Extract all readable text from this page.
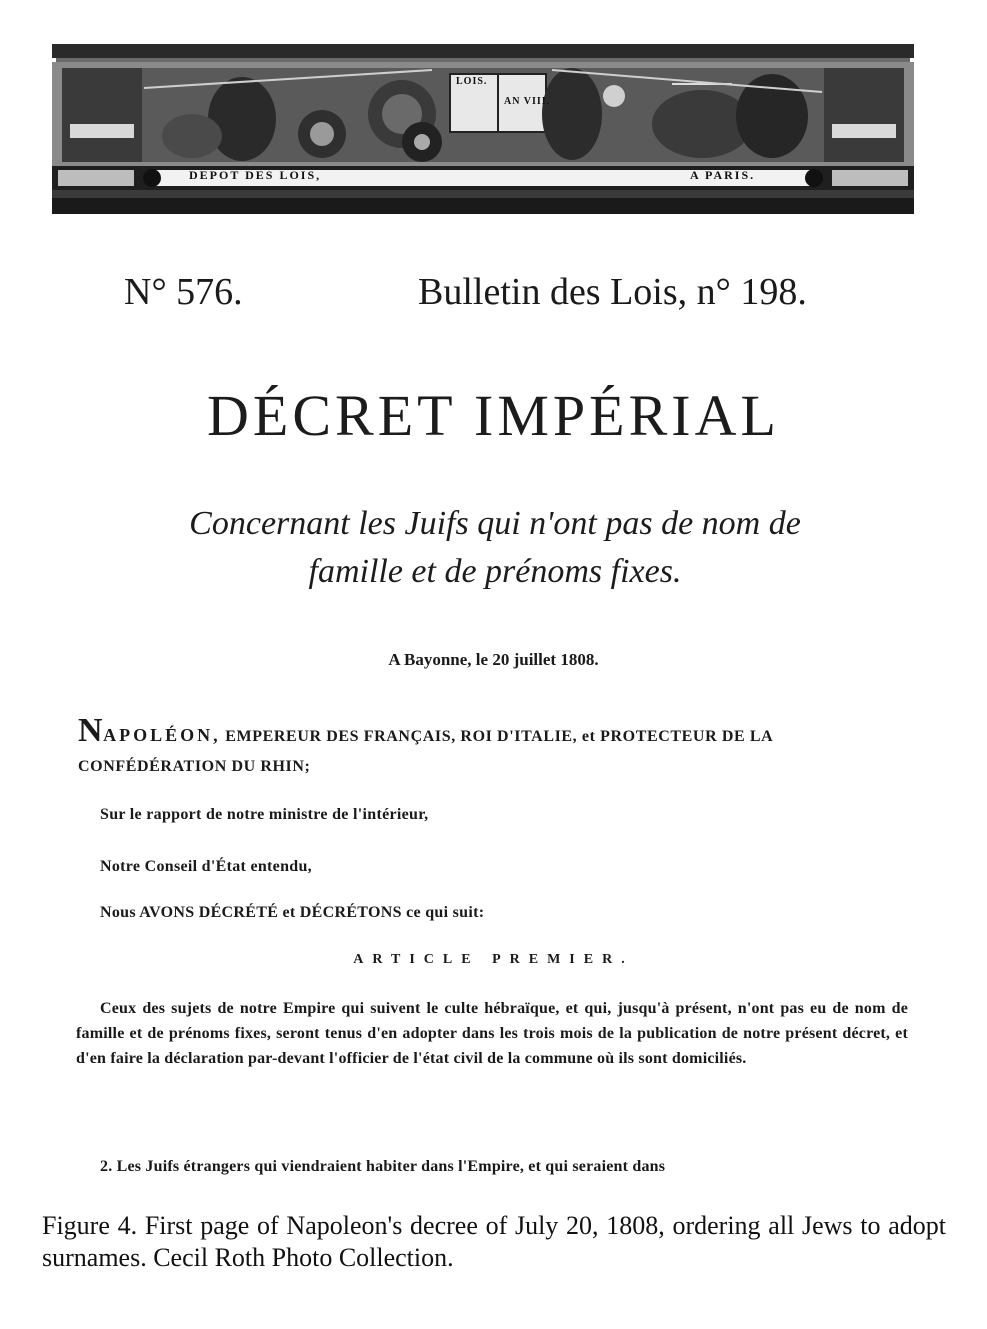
DEPOT DES LOIS,	A PARIS.
LOIS.
AN VIII.
N° 576.	Bulletin des Lois, n° 198.
DÉCRET IMPÉRIAL
Concernant les Juifs qui n'ont pas de nom de
famille et de prénoms fixes.
A Bayonne, le 20 juillet 1808.
NAPOLÉON, EMPEREUR DES FRANÇAIS, ROI D'ITALIE, et PROTECTEUR DE LA CONFÉDÉRATION DU RHIN;
Sur le rapport de notre ministre de l'intérieur,
Notre Conseil d'État entendu,
Nous AVONS DÉCRÉTÉ et DÉCRÉTONS ce qui suit:
ARTICLE PREMIER.
Ceux des sujets de notre Empire qui suivent le culte hébraïque, et qui, jusqu'à présent, n'ont pas eu de nom de famille et de prénoms fixes, seront tenus d'en adopter dans les trois mois de la publication de notre présent décret, et d'en faire la déclaration par-devant l'officier de l'état civil de la commune où ils sont domiciliés.
2. Les Juifs étrangers qui viendraient habiter dans l'Empire, et qui seraient dans
Figure 4. First page of Napoleon's decree of July 20, 1808, ordering all Jews to adopt surnames. Cecil Roth Photo Collection.
